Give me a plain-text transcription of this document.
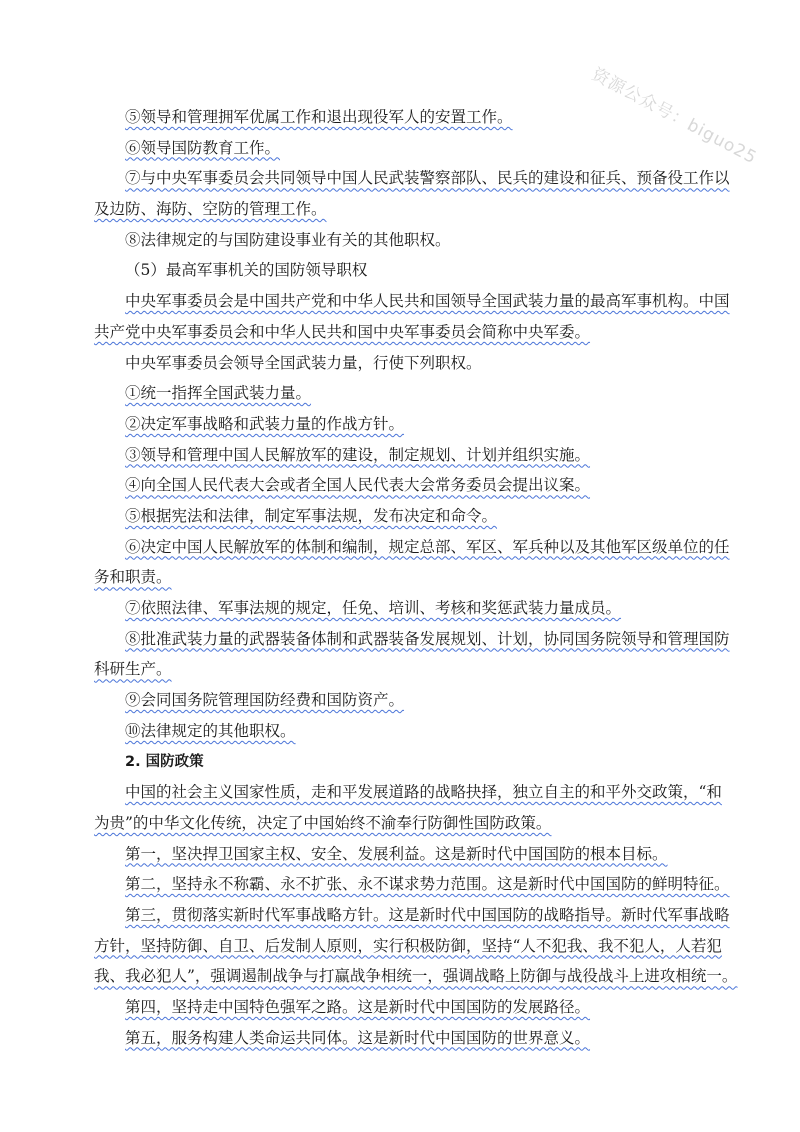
资源公众号：biguo25
⑤领导和管理拥军优属工作和退出现役军人的安置工作。
⑥领导国防教育工作。
⑦与中央军事委员会共同领导中国人民武装警察部队、民兵的建设和征兵、预备役工作以
及边防、海防、空防的管理工作。
⑧法律规定的与国防建设事业有关的其他职权。
（5）最高军事机关的国防领导职权
中央军事委员会是中国共产党和中华人民共和国领导全国武装力量的最高军事机构。中国
共产党中央军事委员会和中华人民共和国中央军事委员会简称中央军委。
中央军事委员会领导全国武装力量，行使下列职权。
①统一指挥全国武装力量。
②决定军事战略和武装力量的作战方针。
③领导和管理中国人民解放军的建设，制定规划、计划并组织实施。
④向全国人民代表大会或者全国人民代表大会常务委员会提出议案。
⑤根据宪法和法律，制定军事法规，发布决定和命令。
⑥决定中国人民解放军的体制和编制，规定总部、军区、军兵种以及其他军区级单位的任
务和职责。
⑦依照法律、军事法规的规定，任免、培训、考核和奖惩武装力量成员。
⑧批准武装力量的武器装备体制和武器装备发展规划、计划，协同国务院领导和管理国防
科研生产。
⑨会同国务院管理国防经费和国防资产。
⑩法律规定的其他职权。
2. 国防政策
中国的社会主义国家性质，走和平发展道路的战略抉择，独立自主的和平外交政策，“和
为贵”的中华文化传统，决定了中国始终不渝奉行防御性国防政策。
第一，坚决捍卫国家主权、安全、发展利益。这是新时代中国国防的根本目标。
第二，坚持永不称霸、永不扩张、永不谋求势力范围。这是新时代中国国防的鲜明特征。
第三，贯彻落实新时代军事战略方针。这是新时代中国国防的战略指导。新时代军事战略
方针，坚持防御、自卫、后发制人原则，实行积极防御，坚持“人不犯我、我不犯人，人若犯
我、我必犯人”，强调遏制战争与打赢战争相统一，强调战略上防御与战役战斗上进攻相统一。
第四，坚持走中国特色强军之路。这是新时代中国国防的发展路径。
第五，服务构建人类命运共同体。这是新时代中国国防的世界意义。
